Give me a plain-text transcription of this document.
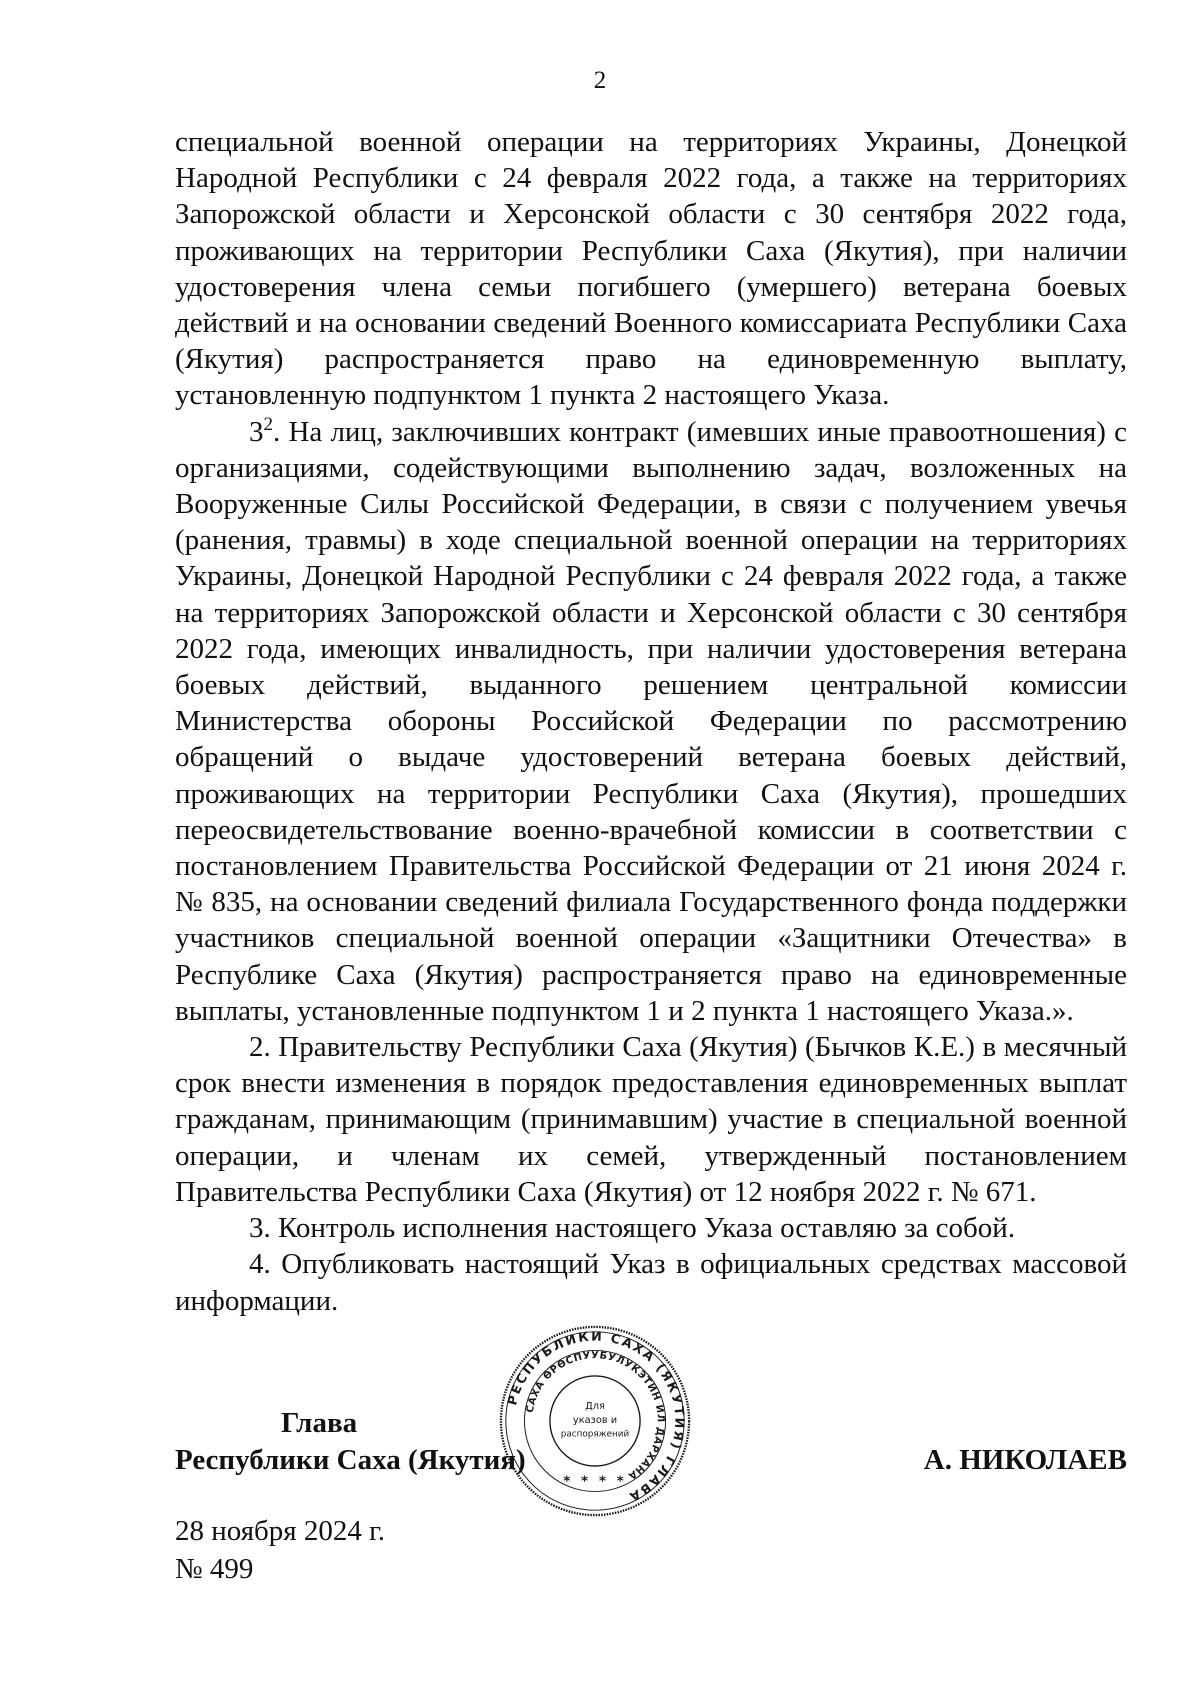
2

специальной военной операции на территориях Украины, Донецкой Народной Республики с 24 февраля 2022 года, а также на территориях Запорожской области и Херсонской области с 30 сентября 2022 года, проживающих на территории Республики Саха (Якутия), при наличии удостоверения члена семьи погибшего (умершего) ветерана боевых действий и на основании сведений Военного комиссариата Республики Саха (Якутия) распространяется право на единовременную выплату, установленную подпунктом 1 пункта 2 настоящего Указа.

$3^2$. На лиц, заключивших контракт (имевших иные правоотношения) с организациями, содействующими выполнению задач, возложенных на Вооруженные Силы Российской Федерации, в связи с получением увечья (ранения, травмы) в ходе специальной военной операции на территориях Украины, Донецкой Народной Республики с 24 февраля 2022 года, а также на территориях Запорожской области и Херсонской области с 30 сентября 2022 года, имеющих инвалидность, при наличии удостоверения ветерана боевых действий, выданного решением центральной комиссии Министерства обороны Российской Федерации по рассмотрению обращений о выдаче удостоверений ветерана боевых действий, проживающих на территории Республики Саха (Якутия), прошедших переосвидетельствование военно-врачебной комиссии в соответствии с постановлением Правительства Российской Федерации от 21 июня 2024 г. № 835, на основании сведений филиала Государственного фонда поддержки участников специальной военной операции «Защитники Отечества» в Республике Саха (Якутия) распространяется право на единовременные выплаты, установленные подпунктом 1 и 2 пункта 1 настоящего Указа.».

2. Правительству Республики Саха (Якутия) (Бычков К.Е.) в месячный срок внести изменения в порядок предоставления единовременных выплат гражданам, принимающим (принимавшим) участие в специальной военной операции, и членам их семей, утвержденный постановлением Правительства Республики Саха (Якутия) от 12 ноября 2022 г. № 671.

3. Контроль исполнения настоящего Указа оставляю за собой.

4. Опубликовать настоящий Указ в официальных средствах массовой информации.

Глава
Республики Саха (Якутия)	А. НИКОЛАЕВ
РЕСПУБЛИКИ САХА (ЯКУТИЯ) ГЛАВА
САХА ӨРӨСПУУБУЛУКЭТИН ИЛ ДАРХАНА
Для
указов и
распоряжений
* * * *
28 ноября 2024 г.
№ 499
